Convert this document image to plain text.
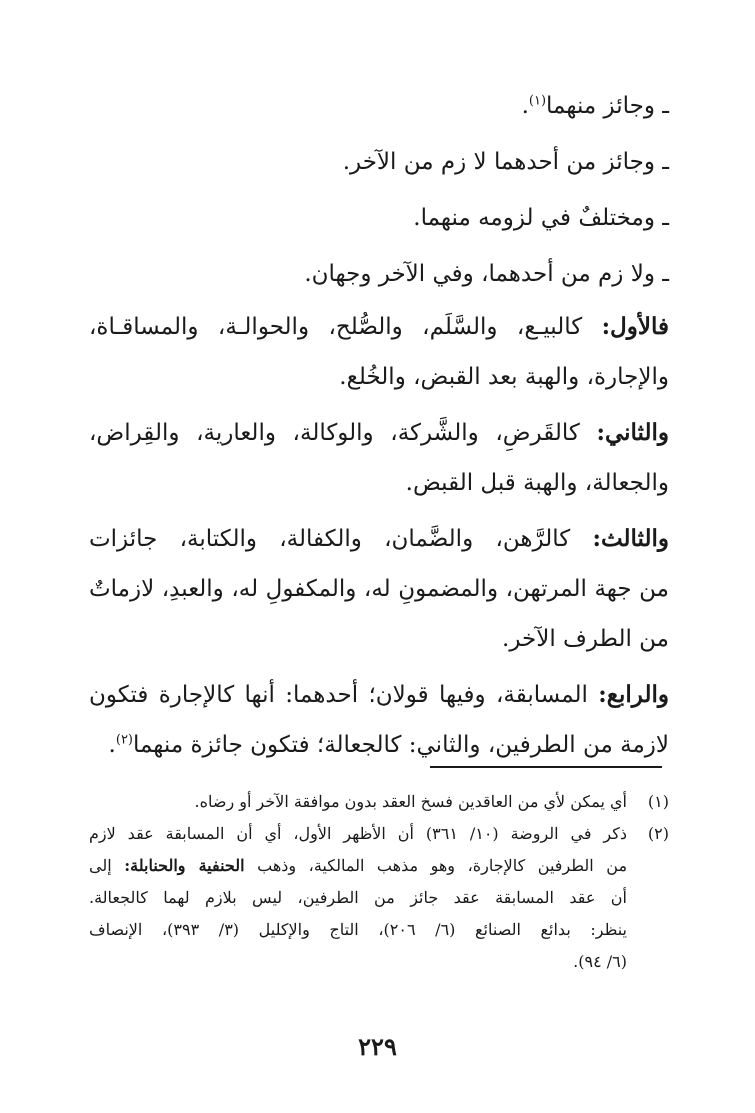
ـ وجائز منهما$^{(١)}$.
ـ وجائز من أحدهما لا زم من الآخر.
ـ ومختلفٌ في لزومه منهما.
ـ ولا زم من أحدهما، وفي الآخر وجهان.
فالأول: كالبيـع، والسَّلَم، والصُّلح، والحوالـة، والمساقـاة،
والإجارة، والهبة بعد القبض، والخُلع.
والثاني: كالقَرضِ، والشَّركة، والوكالة، والعارية، والقِراض،
والجعالة، والهبة قبل القبض.
والثالث: كالرَّهن، والضَّمان، والكفالة، والكتابة، جائزات
من جهة المرتهن، والمضمونِ له، والمكفولِ له، والعبدِ، لازماتٌ
من الطرف الآخر.
والرابع: المسابقة، وفيها قولان؛ أحدهما: أنها كالإجارة فتكون
لازمة من الطرفين، والثاني: كالجعالة؛ فتكون جائزة منهما$^{(٢)}$.
(١)
أي يمكن لأي من العاقدين فسخ العقد بدون موافقة الآخر أو رضاه.
(٢)
ذكر في الروضة (١٠/ ٣٦١) أن الأظهر الأول، أي أن المسابقة عقد لازم
من الطرفين كالإجارة، وهو مذهب المالكية، وذهب الحنفية والحنابلة: إلى
أن عقد المسابقة عقد جائز من الطرفين، ليس بلازم لهما كالجعالة.
ينظر: بدائع الصنائع (٦/ ٢٠٦)، التاج والإكليل (٣/ ٣٩٣)، الإنصاف
(٦/ ٩٤).
٢٢٩
